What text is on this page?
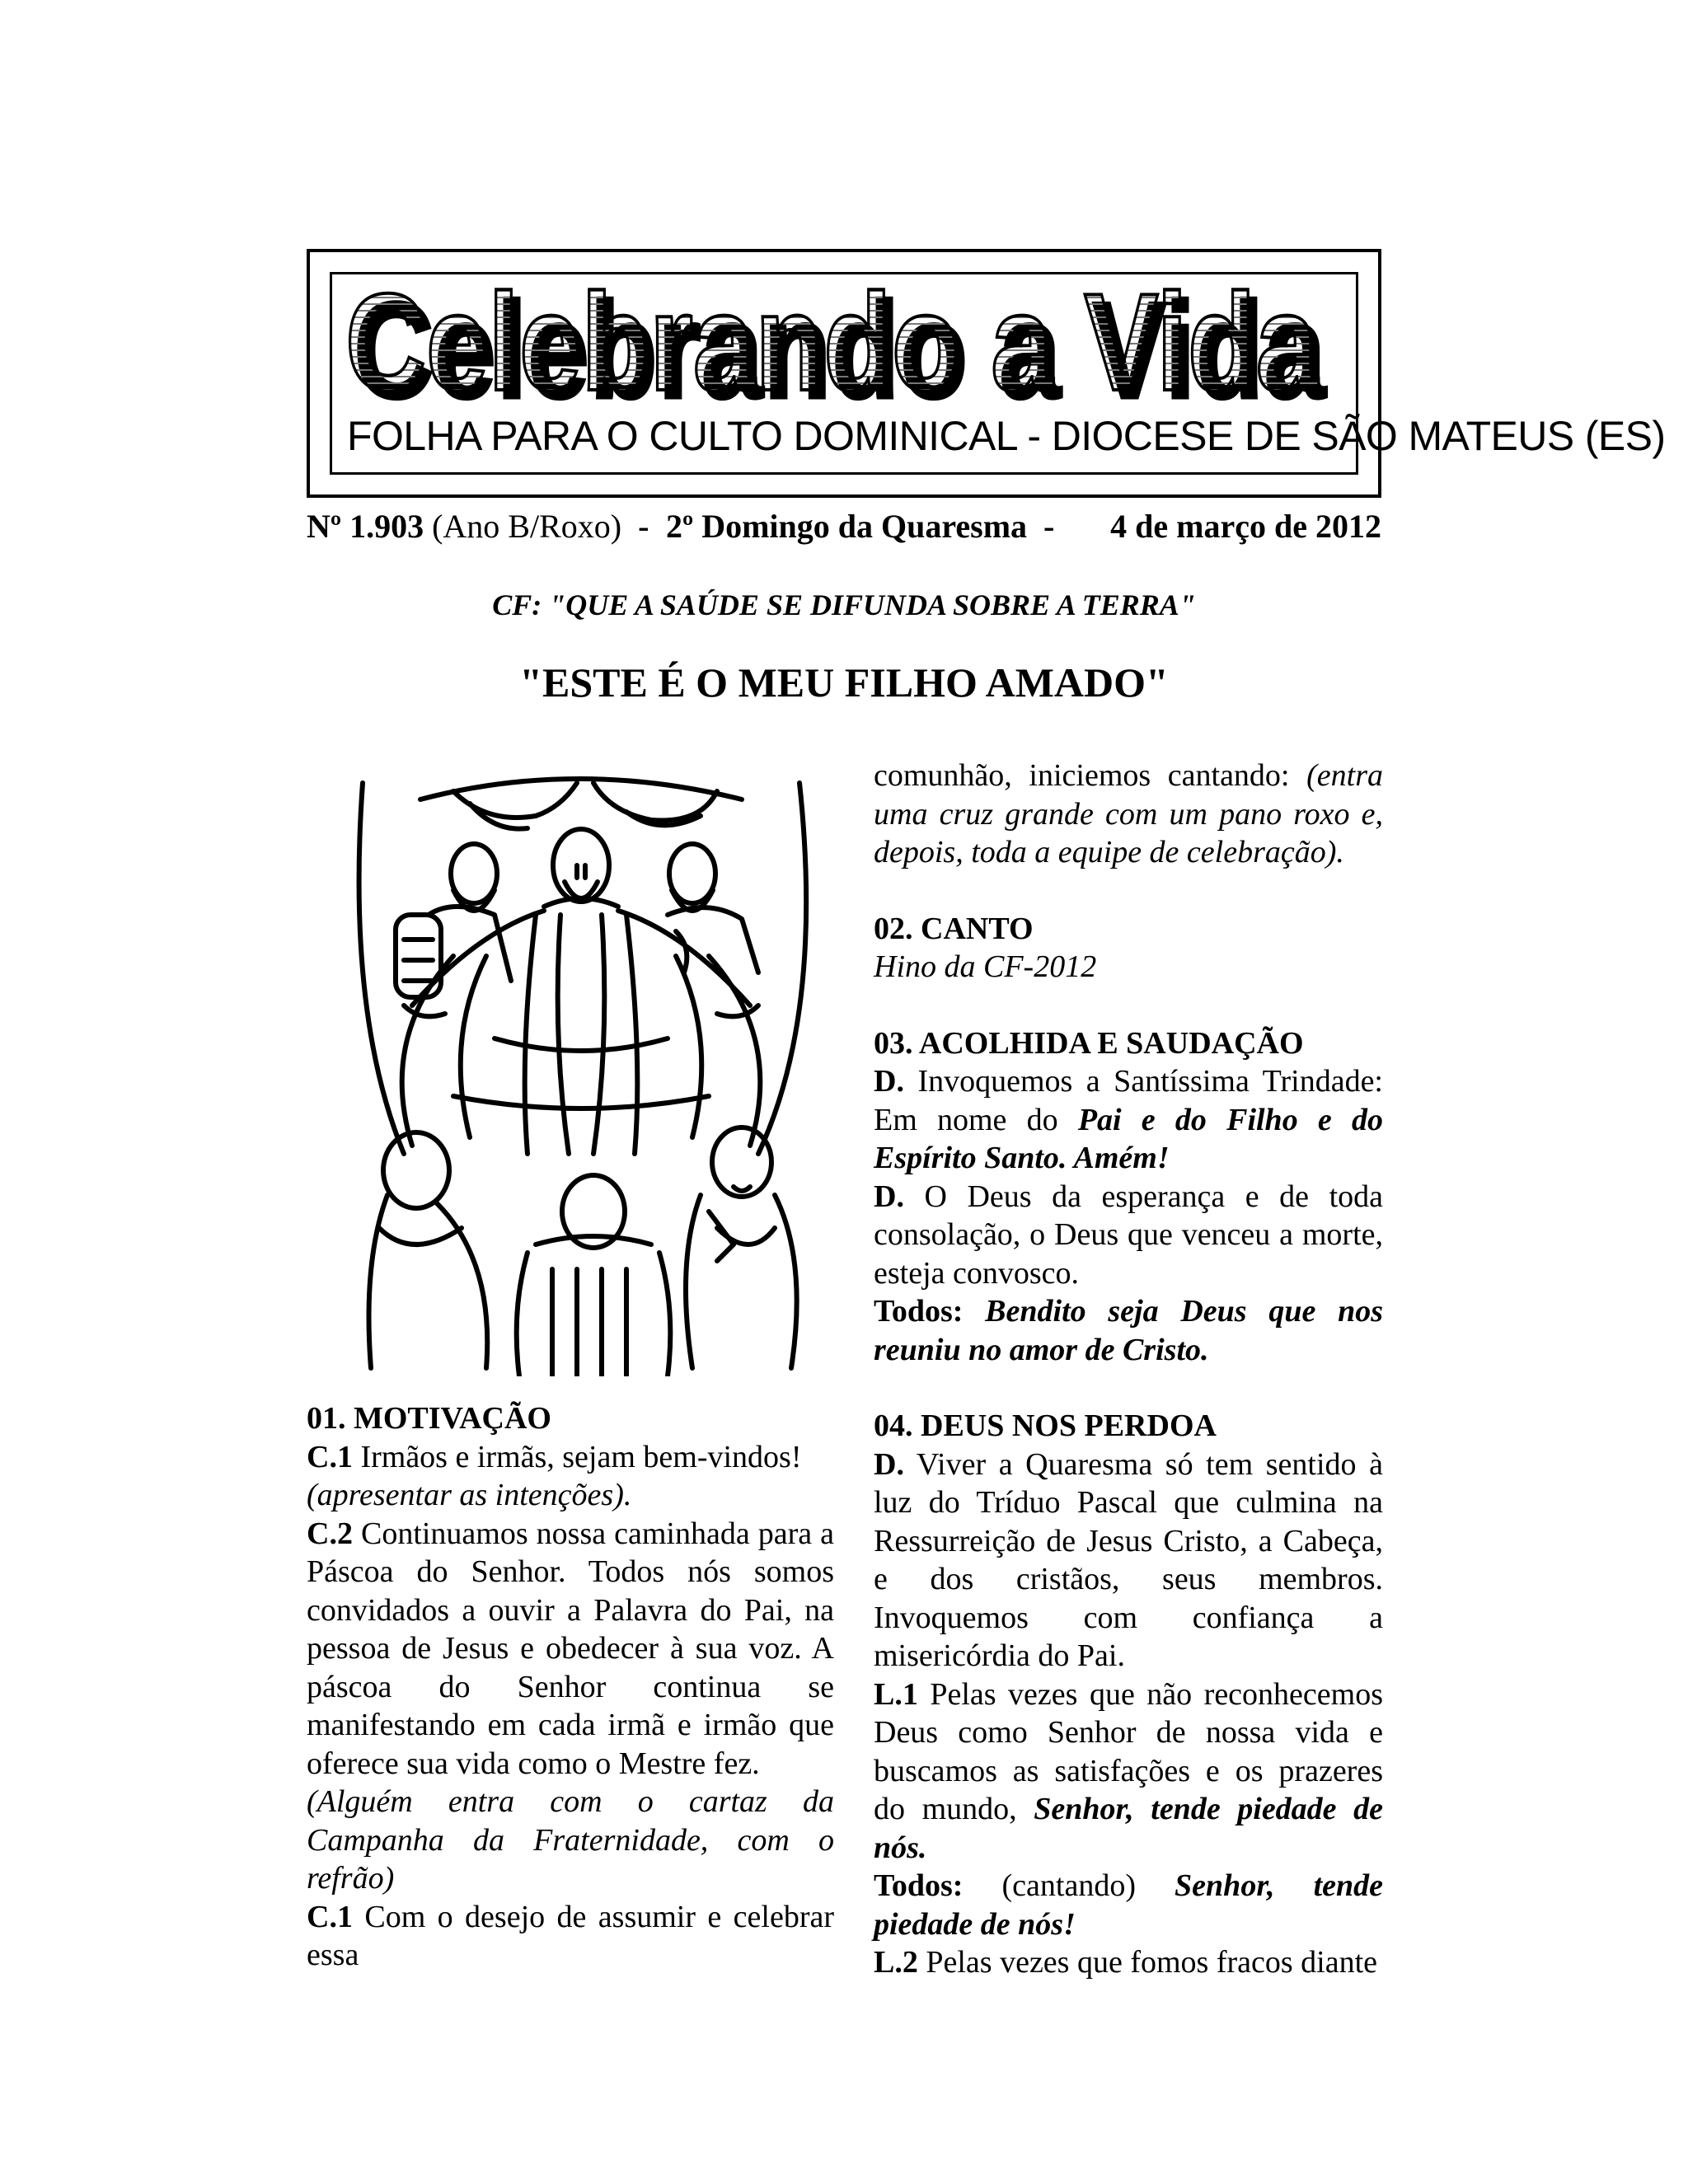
Celebrando a Vida
Celebrando a Vida
FOLHA PARA O CULTO DOMINICAL - DIOCESE DE SÃO MATEUS (ES)
Nº 1.903 (Ano B/Roxo) - 2º Domingo da Quaresma - 4 de março de 2012
CF: "QUE A SAÚDE SE DIFUNDA SOBRE A TERRA"
"ESTE É O MEU FILHO AMADO"

01. MOTIVAÇÃO

C.1 Irmãos e irmãs, sejam bem-vindos!

(apresentar as intenções).

C.2 Continuamos nossa caminhada para a Páscoa do Senhor. Todos nós somos convidados a ouvir a Palavra do Pai, na pessoa de Jesus e obedecer à sua voz. A páscoa do Senhor continua se manifestando em cada irmã e irmão que oferece sua vida como o Mestre fez.

(Alguém entra com o cartaz da Campanha da Fraternidade, com o refrão)

C.1 Com o desejo de assumir e celebrar essa

comunhão, iniciemos cantando: (entra uma cruz grande com um pano roxo e, depois, toda a equipe de celebração).

02. CANTO

Hino da CF-2012

03. ACOLHIDA E SAUDAÇÃO

D. Invoquemos a Santíssima Trindade: Em nome do Pai e do Filho e do Espírito Santo. Amém!

D. O Deus da esperança e de toda consolação, o Deus que venceu a morte, esteja convosco.

Todos: Bendito seja Deus que nos reuniu no amor de Cristo.

04. DEUS NOS PERDOA

D. Viver a Quaresma só tem sentido à luz do Tríduo Pascal que culmina na Ressurreição de Jesus Cristo, a Cabeça, e dos cristãos, seus membros. Invoquemos com confiança a misericórdia do Pai.

L.1 Pelas vezes que não reconhecemos Deus como Senhor de nossa vida e buscamos as satisfações e os prazeres do mundo, Senhor, tende piedade de nós.

Todos: (cantando) Senhor, tende piedade de nós!

L.2 Pelas vezes que fomos fracos diante
